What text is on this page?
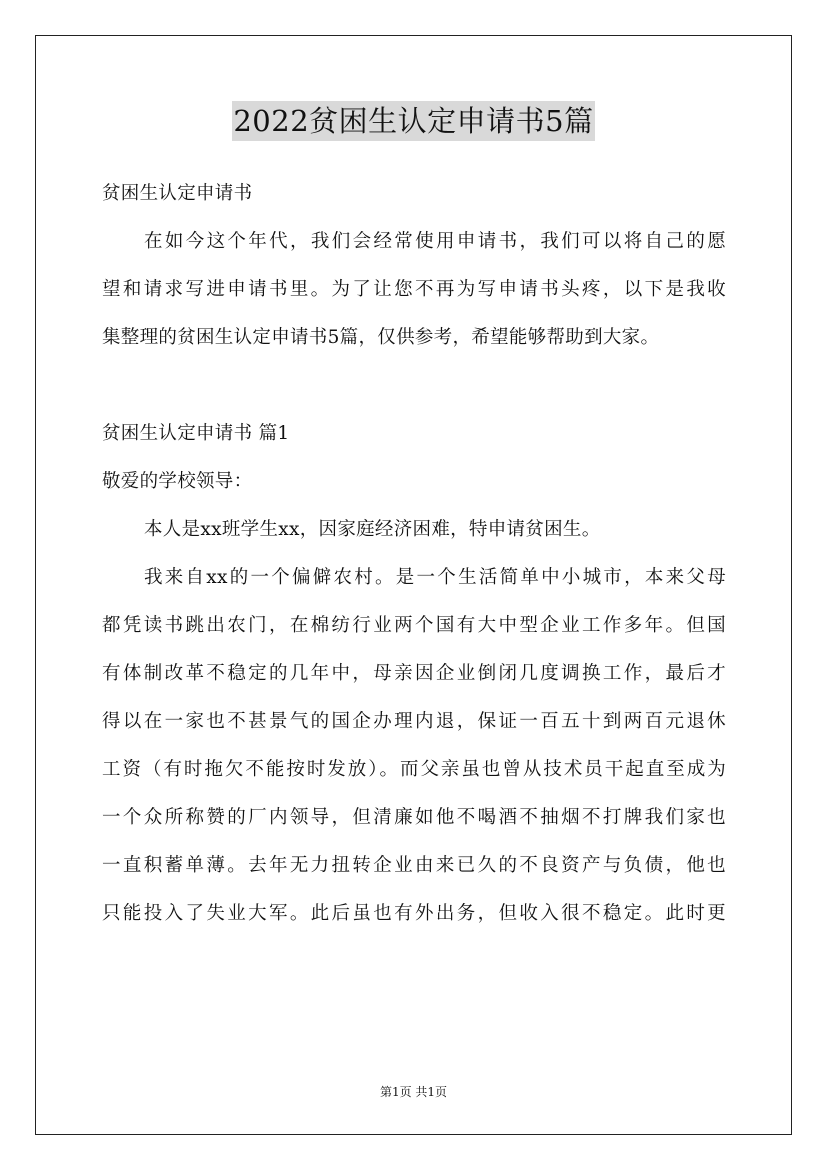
2022贫困生认定申请书5篇
贫困生认定申请书
在如今这个年代，我们会经常使用申请书，我们可以将自己的愿
望和请求写进申请书里。为了让您不再为写申请书头疼，以下是我收
集整理的贫困生认定申请书5篇，仅供参考，希望能够帮助到大家。
贫困生认定申请书 篇1
敬爱的学校领导：
本人是xx班学生xx，因家庭经济困难，特申请贫困生。
我来自xx的一个偏僻农村。是一个生活简单中小城市，本来父母
都凭读书跳出农门，在棉纺行业两个国有大中型企业工作多年。但国
有体制改革不稳定的几年中，母亲因企业倒闭几度调换工作，最后才
得以在一家也不甚景气的国企办理内退，保证一百五十到两百元退休
工资（有时拖欠不能按时发放）。而父亲虽也曾从技术员干起直至成为
一个众所称赞的厂内领导，但清廉如他不喝酒不抽烟不打牌我们家也
一直积蓄单薄。去年无力扭转企业由来已久的不良资产与负债，他也
只能投入了失业大军。此后虽也有外出务，但收入很不稳定。此时更
第1页 共1页
